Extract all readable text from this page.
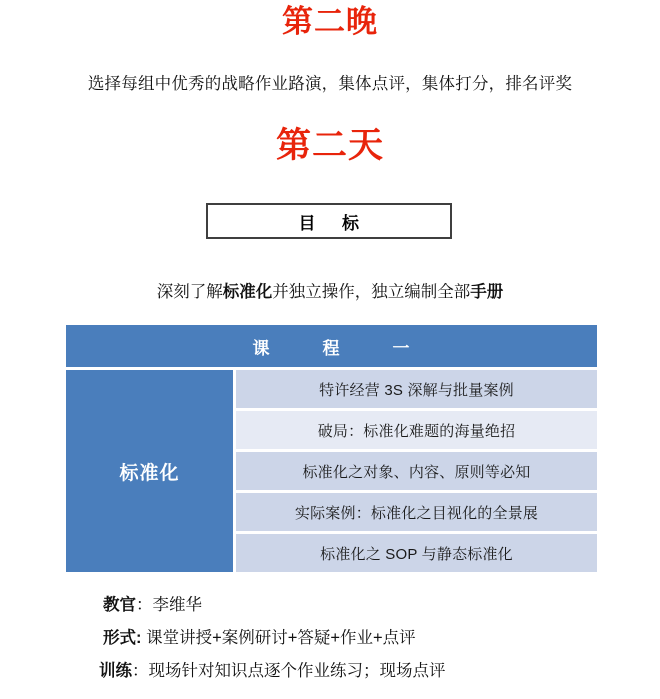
第二晚
选择每组中优秀的战略作业路演，集体点评，集体打分，排名评奖
第二天
目 标
深刻了解标准化并独立操作，独立编制全部手册
课	程	一
标准化
特许经营 3S 深解与批量案例
破局：标准化难题的海量绝招
标准化之对象、内容、原则等必知
实际案例：标准化之目视化的全景展
标准化之 SOP 与静态标准化
教官：李维华
形式: 课堂讲授+案例研讨+答疑+作业+点评
训练：现场针对知识点逐个作业练习；现场点评
